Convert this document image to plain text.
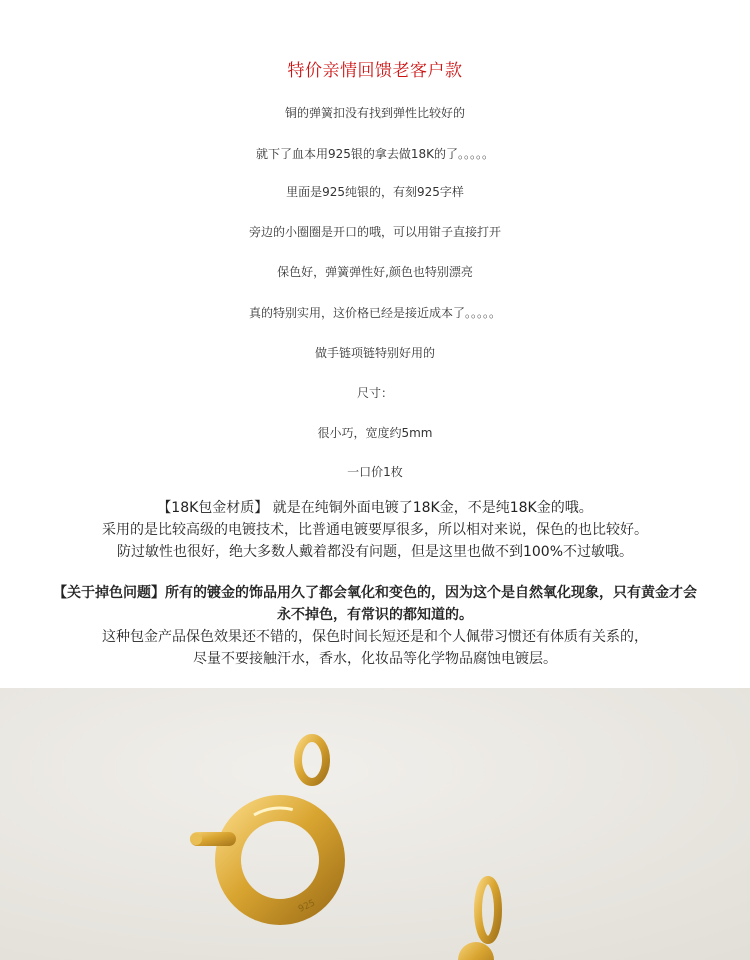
特价亲情回馈老客户款
铜的弹簧扣没有找到弹性比较好的
就下了血本用925银的拿去做18K的了。。。。。
里面是925纯银的，有刻925字样
旁边的小圈圈是开口的哦，可以用钳子直接打开
保色好，弹簧弹性好,颜色也特别漂亮
真的特别实用，这价格已经是接近成本了。。。。。
做手链项链特别好用的
尺寸：
很小巧，宽度约5mm
一口价1枚
【18K包金材质】 就是在纯铜外面电镀了18K金，不是纯18K金的哦。
采用的是比较高级的电镀技术，比普通电镀要厚很多，所以相对来说，保色的也比较好。
防过敏性也很好，绝大多数人戴着都没有问题，但是这里也做不到100%不过敏哦。
【关于掉色问题】所有的镀金的饰品用久了都会氧化和变色的，因为这个是自然氧化现象，只有黄金才会
永不掉色，有常识的都知道的。
这种包金产品保色效果还不错的，保色时间长短还是和个人佩带习惯还有体质有关系的，
尽量不要接触汗水，香水，化妆品等化学物品腐蚀电镀层。
925
